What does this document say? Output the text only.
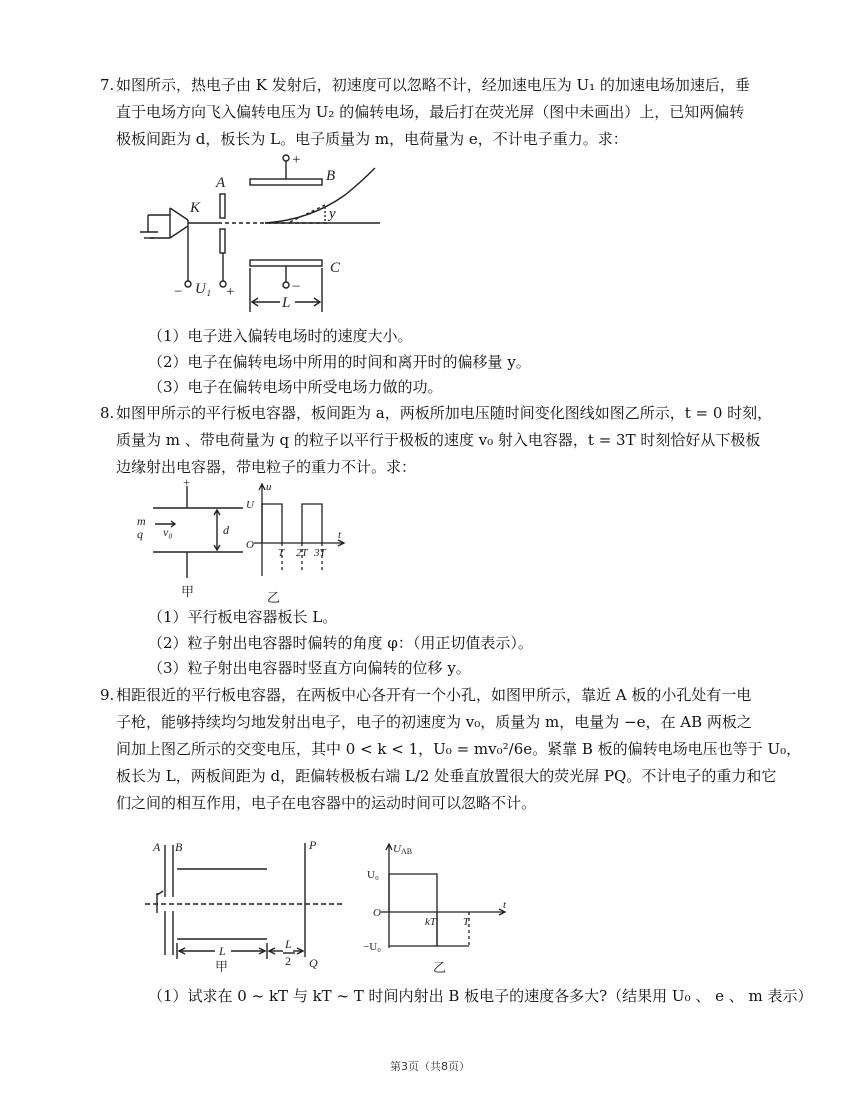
7. 如图所示，热电子由 K 发射后，初速度可以忽略不计，经加速电压为 U₁ 的加速电场加速后，垂
直于电场方向飞入偏转电压为 U₂ 的偏转电场，最后打在荧光屏（图中未画出）上，已知两偏转
极板间距为 d，板长为 L。电子质量为 m，电荷量为 e，不计电子重力。求：
A	B
C
K	y
U₁
L
+
−
+
−
（1）电子进入偏转电场时的速度大小。
（2）电子在偏转电场中所用的时间和离开时的偏移量 y。
（3）电子在偏转电场中所受电场力做的功。
8. 如图甲所示的平行板电容器，板间距为 a，两板所加电压随时间变化图线如图乙所示，t = 0 时刻，
质量为 m 、带电荷量为 q 的粒子以平行于极板的速度 v₀ 射入电容器，t = 3T 时刻恰好从下极板
边缘射出电容器，带电粒子的重力不计。求：
+
m
q v₀	d
甲
u
U
O
T 2T 3T
t
乙
（1）平行板电容器板长 L。
（2）粒子射出电容器时偏转的角度 φ：（用正切值表示）。
（3）粒子射出电容器时竖直方向偏转的位移 y。
9. 相距很近的平行板电容器，在两板中心各开有一个小孔，如图甲所示，靠近 A 板的小孔处有一电
子枪，能够持续均匀地发射出电子，电子的初速度为 v₀，质量为 m，电量为 −e，在 AB 两板之
间加上图乙所示的交变电压，其中 0 < k < 1，U₀ = mv₀²/6e。紧靠 B 板的偏转电场电压也等于 U₀，
板长为 L，两板间距为 d，距偏转极板右端 L/2 处垂直放置很大的荧光屏 PQ。不计电子的重力和它
们之间的相互作用，电子在电容器中的运动时间可以忽略不计。
A B	P
Q
L	L
2
甲
U AB
U₀
O
kT T
t
−U₀
乙
（1）试求在 0 ~ kT 与 kT ~ T 时间内射出 B 板电子的速度各多大?（结果用 U₀ 、 e 、 m 表示）
第3页（共8页）
